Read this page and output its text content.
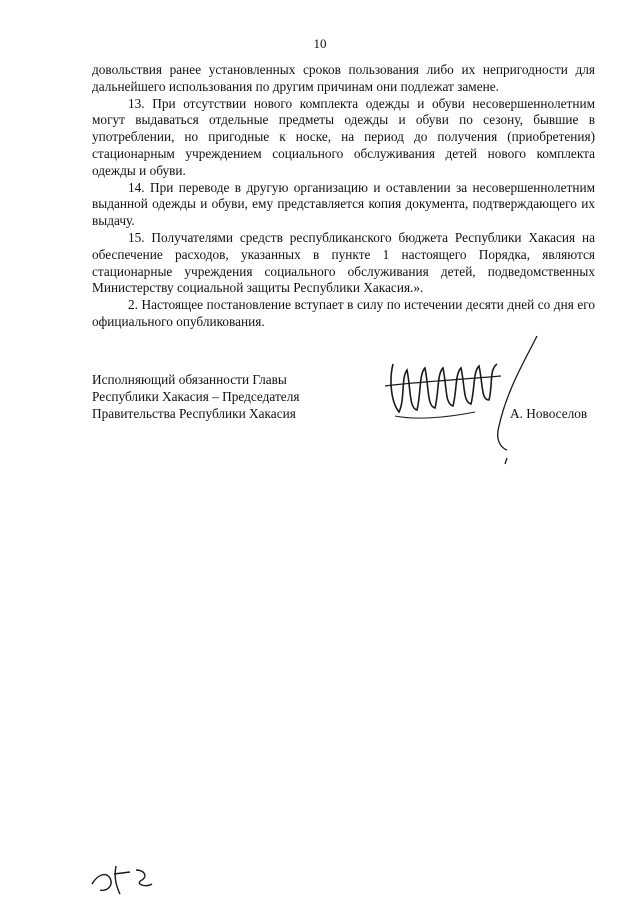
10

довольствия ранее установленных сроков пользования либо их непригодности для дальнейшего использования по другим причинам они подлежат замене.

13. При отсутствии нового комплекта одежды и обуви несовершеннолетним могут выдаваться отдельные предметы одежды и обуви по сезону, бывшие в употреблении, но пригодные к носке, на период до получения (приобретения) стационарным учреждением социального обслуживания детей нового комплекта одежды и обуви.

14. При переводе в другую организацию и оставлении за несовершеннолетним выданной одежды и обуви, ему представляется копия документа, подтверждающего их выдачу.

15. Получателями средств республиканского бюджета Республики Хакасия на обеспечение расходов, указанных в пункте 1 настоящего Порядка, являются стационарные учреждения социального обслуживания детей, подведомственных Министерству социальной защиты Республики Хакасия.».

2. Настоящее постановление вступает в силу по истечении десяти дней со дня его официального опубликования.

Исполняющий обязанности Главы
Республики Хакасия – Председателя
Правительства Республики Хакасия	А. Новоселов
